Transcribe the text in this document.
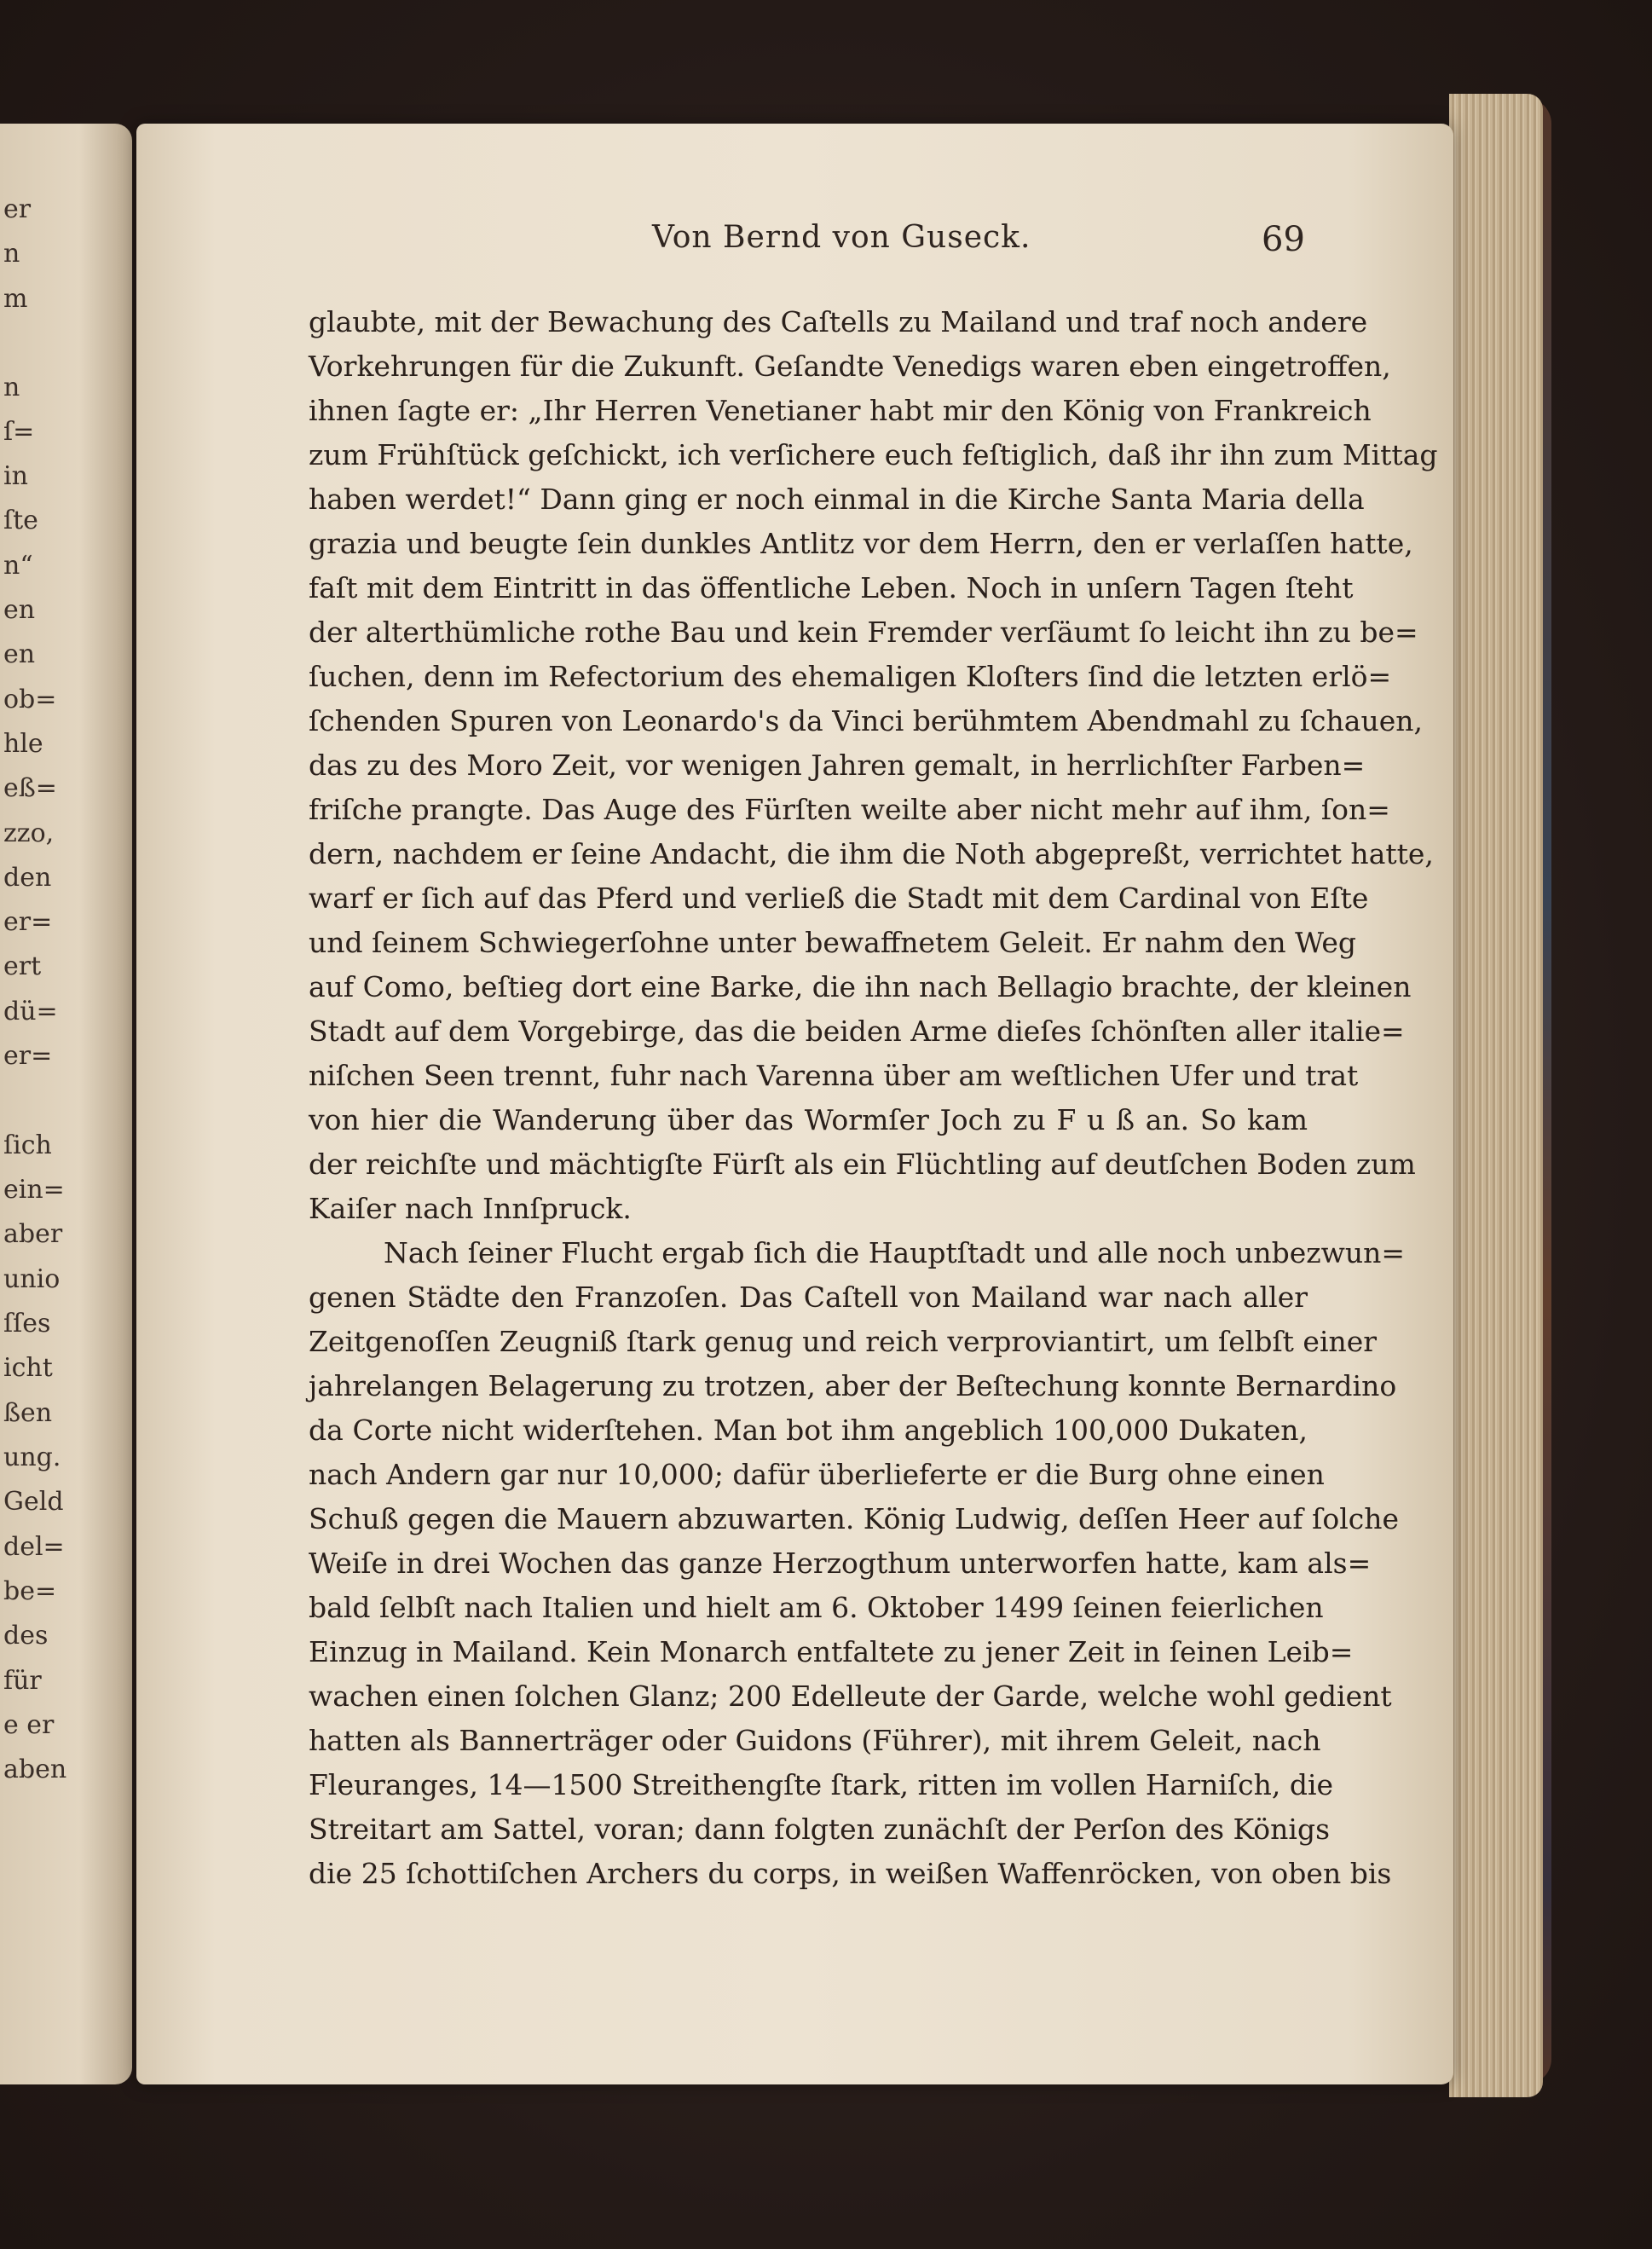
er
n
m
n
ſ=
in
ſte
n“
en
en
ob=
hle
eß=
zzo,
den
er=
ert
dü=
er=
ſich
ein=
aber
unio
ſſes
icht
ßen
ung.
Geld
del=
be=
des
für
e er
aben
Von Bernd von Guseck.	69
glaubte, mit der Bewachung des Caſtells zu Mailand und traf noch andere
Vorkehrungen für die Zukunft. Geſandte Venedigs waren eben eingetroffen,
ihnen ſagte er: „Ihr Herren Venetianer habt mir den König von Frankreich
zum Frühſtück geſchickt, ich verſichere euch feſtiglich, daß ihr ihn zum Mittag
haben werdet!“ Dann ging er noch einmal in die Kirche Santa Maria della
grazia und beugte ſein dunkles Antlitz vor dem Herrn, den er verlaſſen hatte,
faſt mit dem Eintritt in das öffentliche Leben. Noch in unſern Tagen ſteht
der alterthümliche rothe Bau und kein Fremder verſäumt ſo leicht ihn zu be=
ſuchen, denn im Refectorium des ehemaligen Kloſters ſind die letzten erlö=
ſchenden Spuren von Leonardo's da Vinci berühmtem Abendmahl zu ſchauen,
das zu des Moro Zeit, vor wenigen Jahren gemalt, in herrlichſter Farben=
friſche prangte. Das Auge des Fürſten weilte aber nicht mehr auf ihm, ſon=
dern, nachdem er ſeine Andacht, die ihm die Noth abgepreßt, verrichtet hatte,
warf er ſich auf das Pferd und verließ die Stadt mit dem Cardinal von Eſte
und ſeinem Schwiegerſohne unter bewaffnetem Geleit. Er nahm den Weg
auf Como, beſtieg dort eine Barke, die ihn nach Bellagio brachte, der kleinen
Stadt auf dem Vorgebirge, das die beiden Arme dieſes ſchönſten aller italie=
niſchen Seen trennt, fuhr nach Varenna über am weſtlichen Ufer und trat
von hier die Wanderung über das Wormſer Joch zu F u ß an. So kam
der reichſte und mächtigſte Fürſt als ein Flüchtling auf deutſchen Boden zum
Kaiſer nach Innſpruck.
Nach ſeiner Flucht ergab ſich die Hauptſtadt und alle noch unbezwun=
genen Städte den Franzoſen. Das Caſtell von Mailand war nach aller
Zeitgenoſſen Zeugniß ſtark genug und reich verproviantirt, um ſelbſt einer
jahrelangen Belagerung zu trotzen, aber der Beſtechung konnte Bernardino
da Corte nicht widerſtehen. Man bot ihm angeblich 100,000 Dukaten,
nach Andern gar nur 10,000; dafür überlieferte er die Burg ohne einen
Schuß gegen die Mauern abzuwarten. König Ludwig, deſſen Heer auf ſolche
Weiſe in drei Wochen das ganze Herzogthum unterworfen hatte, kam als=
bald ſelbſt nach Italien und hielt am 6. Oktober 1499 ſeinen feierlichen
Einzug in Mailand. Kein Monarch entfaltete zu jener Zeit in ſeinen Leib=
wachen einen ſolchen Glanz; 200 Edelleute der Garde, welche wohl gedient
hatten als Bannerträger oder Guidons (Führer), mit ihrem Geleit, nach
Fleuranges, 14—1500 Streithengſte ſtark, ritten im vollen Harniſch, die
Streitart am Sattel, voran; dann folgten zunächſt der Perſon des Königs
die 25 ſchottiſchen Archers du corps, in weißen Waffenröcken, von oben bis
